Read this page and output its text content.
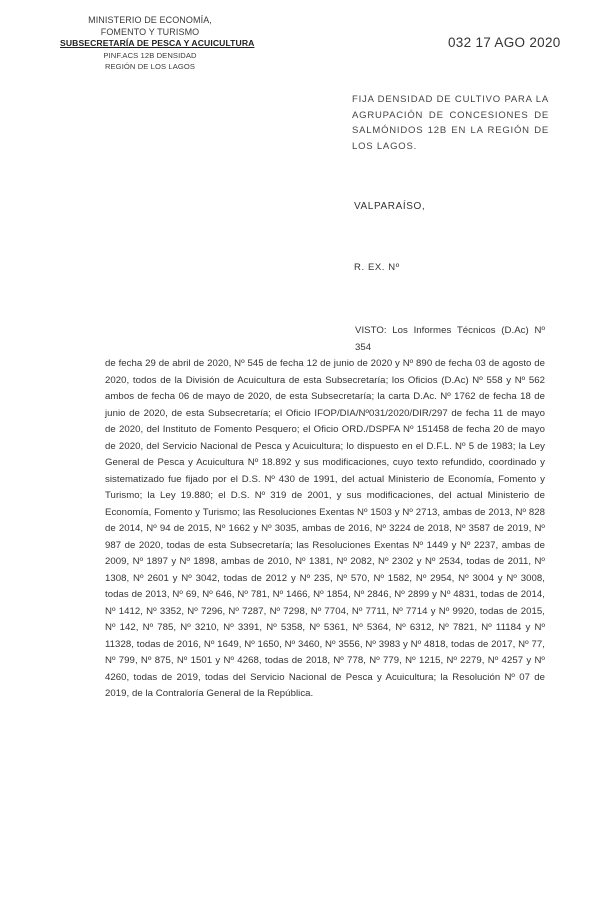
MINISTERIO DE ECONOMÍA,
FOMENTO Y TURISMO
SUBSECRETARÍA DE PESCA Y ACUICULTURA
PINF.ACS 12B DENSIDAD
REGIÓN DE LOS LAGOS
032 17 AGO 2020
FIJA DENSIDAD DE CULTIVO PARA LA AGRUPACIÓN DE CONCESIONES DE SALMÓNIDOS 12B EN LA REGIÓN DE LOS LAGOS.
VALPARAÍSO,
R. EX. Nº
VISTO: Los Informes Técnicos (D.Ac) Nº 354
de fecha 29 de abril de 2020, Nº 545 de fecha 12 de junio de 2020 y Nº 890 de fecha 03 de agosto de 2020, todos de la División de Acuicultura de esta Subsecretaría; los Oficios (D.Ac) Nº 558 y Nº 562 ambos de fecha 06 de mayo de 2020, de esta Subsecretaría; la carta D.Ac. Nº 1762 de fecha 18 de junio de 2020, de esta Subsecretaría; el Oficio IFOP/DIA/Nº031/2020/DIR/297 de fecha 11 de mayo de 2020, del Instituto de Fomento Pesquero; el Oficio ORD./DSPFA Nº 151458 de fecha 20 de mayo de 2020, del Servicio Nacional de Pesca y Acuicultura; lo dispuesto en el D.F.L. Nº 5 de 1983; la Ley General de Pesca y Acuicultura Nº 18.892 y sus modificaciones, cuyo texto refundido, coordinado y sistematizado fue fijado por el D.S. Nº 430 de 1991, del actual Ministerio de Economía, Fomento y Turismo; la Ley 19.880; el D.S. Nº 319 de 2001, y sus modificaciones, del actual Ministerio de Economía, Fomento y Turismo; las Resoluciones Exentas Nº 1503 y Nº 2713, ambas de 2013, Nº 828 de 2014, Nº 94 de 2015, Nº 1662 y Nº 3035, ambas de 2016, Nº 3224 de 2018, Nº 3587 de 2019, Nº 987 de 2020, todas de esta Subsecretaría; las Resoluciones Exentas Nº 1449 y Nº 2237, ambas de 2009, Nº 1897 y Nº 1898, ambas de 2010, Nº 1381, Nº 2082, Nº 2302 y Nº 2534, todas de 2011, Nº 1308, Nº 2601 y Nº 3042, todas de 2012 y Nº 235, Nº 570, Nº 1582, Nº 2954, Nº 3004 y Nº 3008, todas de 2013, Nº 69, Nº 646, Nº 781, Nº 1466, Nº 1854, Nº 2846, Nº 2899 y Nº 4831, todas de 2014, Nº 1412, Nº 3352, Nº 7296, Nº 7287, Nº 7298, Nº 7704, Nº 7711, Nº 7714 y Nº 9920, todas de 2015, Nº 142, Nº 785, Nº 3210, Nº 3391, Nº 5358, Nº 5361, Nº 5364, Nº 6312, Nº 7821, Nº 11184 y Nº 11328, todas de 2016, Nº 1649, Nº 1650, Nº 3460, Nº 3556, Nº 3983 y Nº 4818, todas de 2017, Nº 77, Nº 799, Nº 875, Nº 1501 y Nº 4268, todas de 2018, Nº 778, Nº 779, Nº 1215, Nº 2279, Nº 4257 y Nº 4260, todas de 2019, todas del Servicio Nacional de Pesca y Acuicultura; la Resolución Nº 07 de 2019, de la Contraloría General de la República.
